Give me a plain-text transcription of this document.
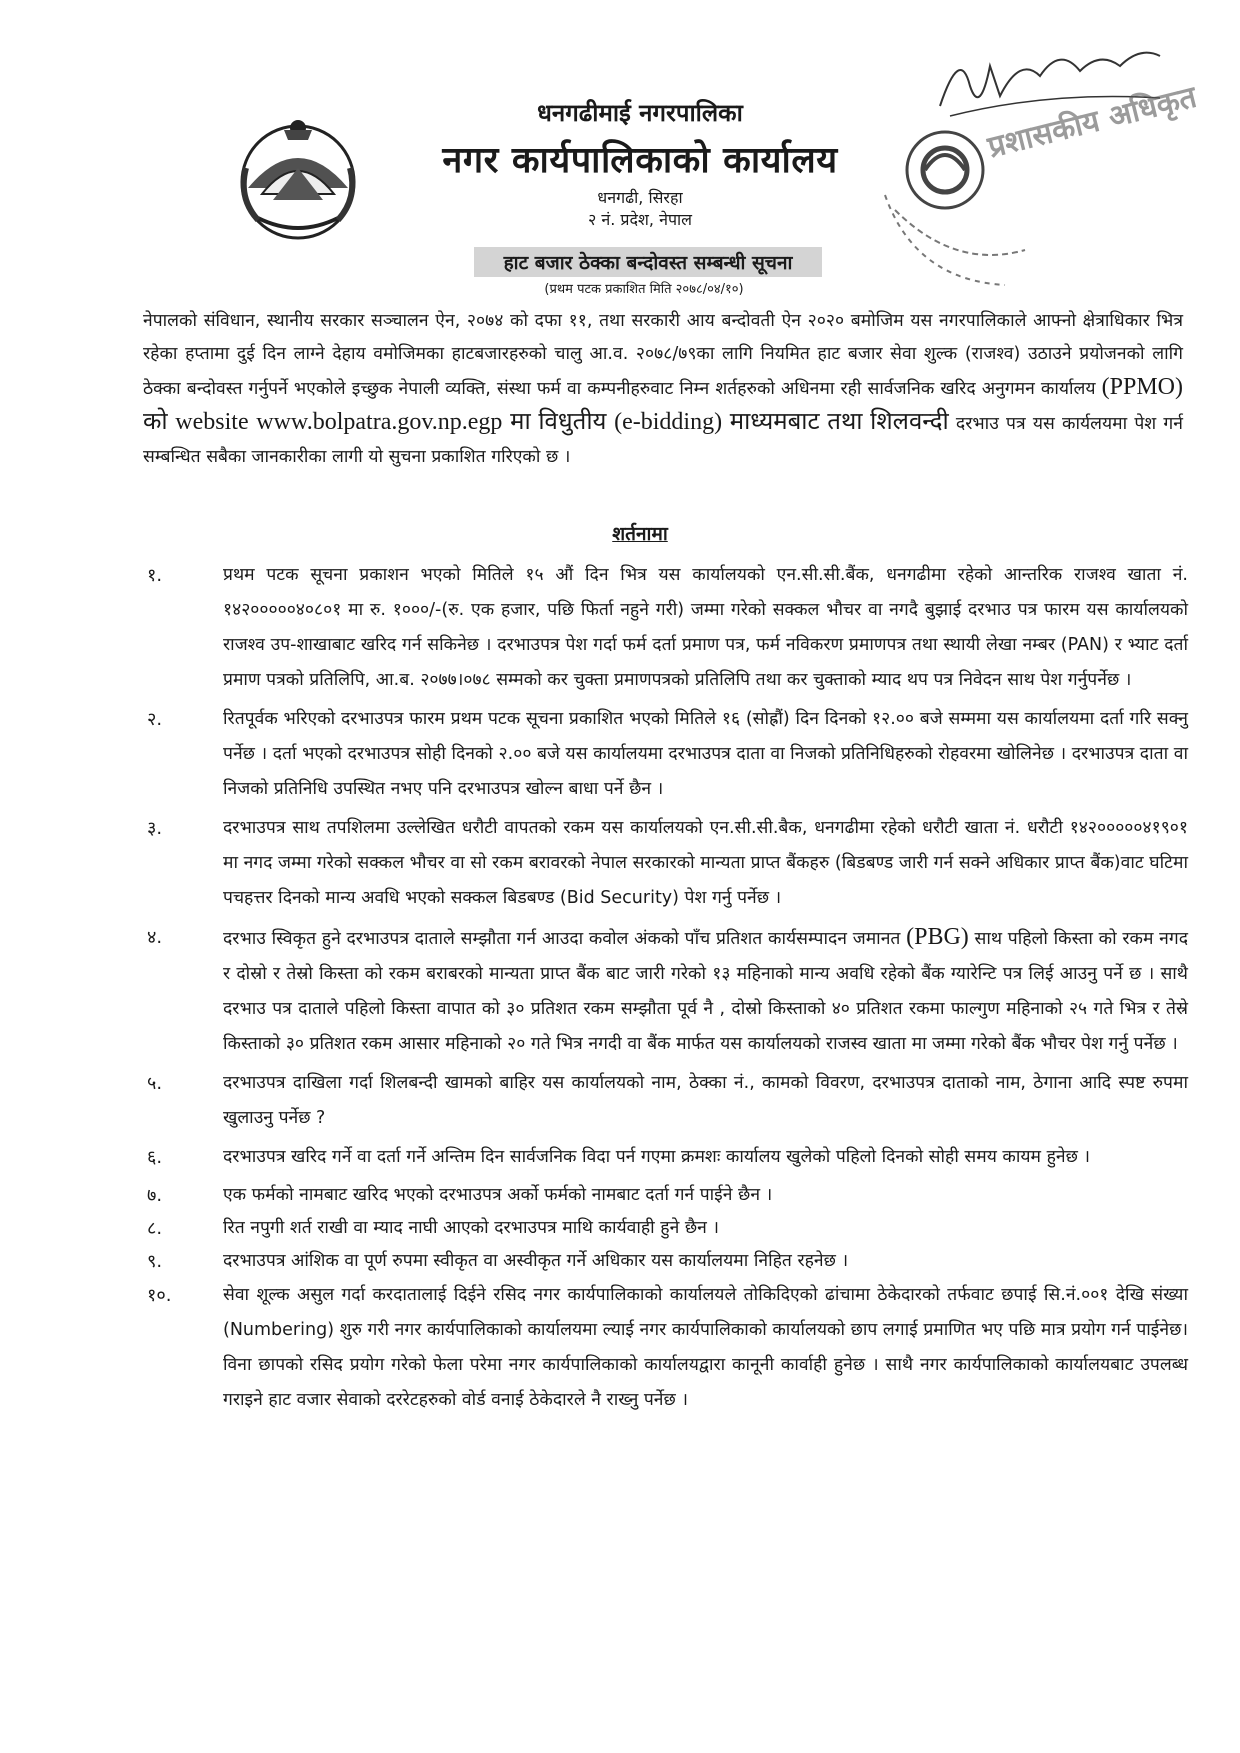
धनगढीमाई नगरपालिका
नगर कार्यपालिकाको कार्यालय
धनगढी, सिरहा
२ नं. प्रदेश, नेपाल
हाट बजार ठेक्का बन्दोवस्त सम्बन्धी सूचना
(प्रथम पटक प्रकाशित मिति २०७८/०४/१०)
प्रशासकीय अधिकृत
नेपालको संविधान, स्थानीय सरकार सञ्चालन ऐन, २०७४ को दफा ११, तथा सरकारी आय बन्दोवती ऐन २०२० बमोजिम यस नगरपालिकाले आफ्नो क्षेत्राधिकार भित्र रहेका हप्तामा दुई दिन लाग्ने देहाय वमोजिमका हाटबजारहरुको चालु आ.व. २०७८/७९का लागि नियमित हाट बजार सेवा शुल्क (राजश्व) उठाउने प्रयोजनको लागि ठेक्का बन्दोवस्त गर्नुपर्ने भएकोले इच्छुक नेपाली व्यक्ति, संस्था फर्म वा कम्पनीहरुवाट निम्न शर्तहरुको अधिनमा रही सार्वजनिक खरिद अनुगमन कार्यालय (PPMO) को website www.bolpatra.gov.np.egp मा विधुतीय (e-bidding) माध्यमबाट तथा शिलवन्दी दरभाउ पत्र यस कार्यलयमा पेश गर्न सम्बन्धित सबैका जानकारीका लागी यो सुचना प्रकाशित गरिएको छ ।
शर्तनामा
१.	प्रथम पटक सूचना प्रकाशन भएको मितिले १५ औं दिन भित्र यस कार्यालयको एन.सी.सी.बैंक, धनगढीमा रहेको आन्तरिक राजश्व खाता नं. १४२०००००४०८०१ मा रु. १०००/-(रु. एक हजार, पछि फिर्ता नहुने गरी) जम्मा गरेको सक्कल भौचर वा नगदै बुझाई दरभाउ पत्र फारम यस कार्यालयको राजश्व उप-शाखाबाट खरिद गर्न सकिनेछ । दरभाउपत्र पेश गर्दा फर्म दर्ता प्रमाण पत्र, फर्म नविकरण प्रमाणपत्र तथा स्थायी लेखा नम्बर (PAN) र भ्याट दर्ता प्रमाण पत्रको प्रतिलिपि, आ.ब. २०७७।०७८ सम्मको कर चुक्ता प्रमाणपत्रको प्रतिलिपि तथा कर चुक्ताको म्याद थप पत्र निवेदन साथ पेश गर्नुपर्नेछ ।
२.	रितपूर्वक भरिएको दरभाउपत्र फारम प्रथम पटक सूचना प्रकाशित भएको मितिले १६ (सोह्रौं) दिन दिनको १२.०० बजे सम्ममा यस कार्यालयमा दर्ता गरि सक्नु पर्नेछ । दर्ता भएको दरभाउपत्र सोही दिनको २.०० बजे यस कार्यालयमा दरभाउपत्र दाता वा निजको प्रतिनिधिहरुको रोहवरमा खोलिनेछ । दरभाउपत्र दाता वा निजको प्रतिनिधि उपस्थित नभए पनि दरभाउपत्र खोल्न बाधा पर्ने छैन ।
३.	दरभाउपत्र साथ तपशिलमा उल्लेखित धरौटी वापतको रकम यस कार्यालयको एन.सी.सी.बैक, धनगढीमा रहेको धरौटी खाता नं. धरौटी १४२०००००४१९०१ मा नगद जम्मा गरेको सक्कल भौचर वा सो रकम बरावरको नेपाल सरकारको मान्यता प्राप्त बैंकहरु (बिडबण्ड जारी गर्न सक्ने अधिकार प्राप्त बैंक)वाट घटिमा पचहत्तर दिनको मान्य अवधि भएको सक्कल बिडबण्ड (Bid Security) पेश गर्नु पर्नेछ ।
४.	दरभाउ स्विकृत हुने दरभाउपत्र दाताले सम्झौता गर्न आउदा कवोल अंकको पाँच प्रतिशत कार्यसम्पादन जमानत (PBG) साथ पहिलो किस्ता को रकम नगद र दोस्रो र तेस्रो किस्ता को रकम बराबरको मान्यता प्राप्त बैंक बाट जारी गरेको १३ महिनाको मान्य अवधि रहेको बैंक ग्यारेन्टि पत्र लिई आउनु पर्ने छ । साथै दरभाउ पत्र दाताले पहिलो किस्ता वापात को ३० प्रतिशत रकम सम्झौता पूर्व नै , दोस्रो किस्ताको ४० प्रतिशत रकमा फाल्गुण महिनाको २५ गते भित्र र तेस्रे किस्ताको ३० प्रतिशत रकम आसार महिनाको २० गते भित्र नगदी वा बैंक मार्फत यस कार्यालयको राजस्व खाता मा जम्मा गरेको बैंक भौचर पेश गर्नु पर्नेछ ।
५.	दरभाउपत्र दाखिला गर्दा शिलबन्दी खामको बाहिर यस कार्यालयको नाम, ठेक्का नं., कामको विवरण, दरभाउपत्र दाताको नाम, ठेगाना आदि स्पष्ट रुपमा खुलाउनु पर्नेछ ?
६.	दरभाउपत्र खरिद गर्ने वा दर्ता गर्ने अन्तिम दिन सार्वजनिक विदा पर्न गएमा क्रमशः कार्यालय खुलेको पहिलो दिनको सोही समय कायम हुनेछ ।
७.	एक फर्मको नामबाट खरिद भएको दरभाउपत्र अर्को फर्मको नामबाट दर्ता गर्न पाईने छैन ।
८.	रित नपुगी शर्त राखी वा म्याद नाघी आएको दरभाउपत्र माथि कार्यवाही हुने छैन ।
९.	दरभाउपत्र आंशिक वा पूर्ण रुपमा स्वीकृत वा अस्वीकृत गर्ने अधिकार यस कार्यालयमा निहित रहनेछ ।
१०.	सेवा शूल्क असुल गर्दा करदातालाई दिईने रसिद नगर कार्यपालिकाको कार्यालयले तोकिदिएको ढांचामा ठेकेदारको तर्फवाट छपाई सि.नं.००१ देखि संख्या (Numbering) शुरु गरी नगर कार्यपालिकाको कार्यालयमा ल्याई नगर कार्यपालिकाको कार्यालयको छाप लगाई प्रमाणित भए पछि मात्र प्रयोग गर्न पाईनेछ। विना छापको रसिद प्रयोग गरेको फेला परेमा नगर कार्यपालिकाको कार्यालयद्वारा कानूनी कार्वाही हुनेछ । साथै नगर कार्यपालिकाको कार्यालयबाट उपलब्ध गराइने हाट वजार सेवाको दररेटहरुको वोर्ड वनाई ठेकेदारले नै राख्नु पर्नेछ ।
